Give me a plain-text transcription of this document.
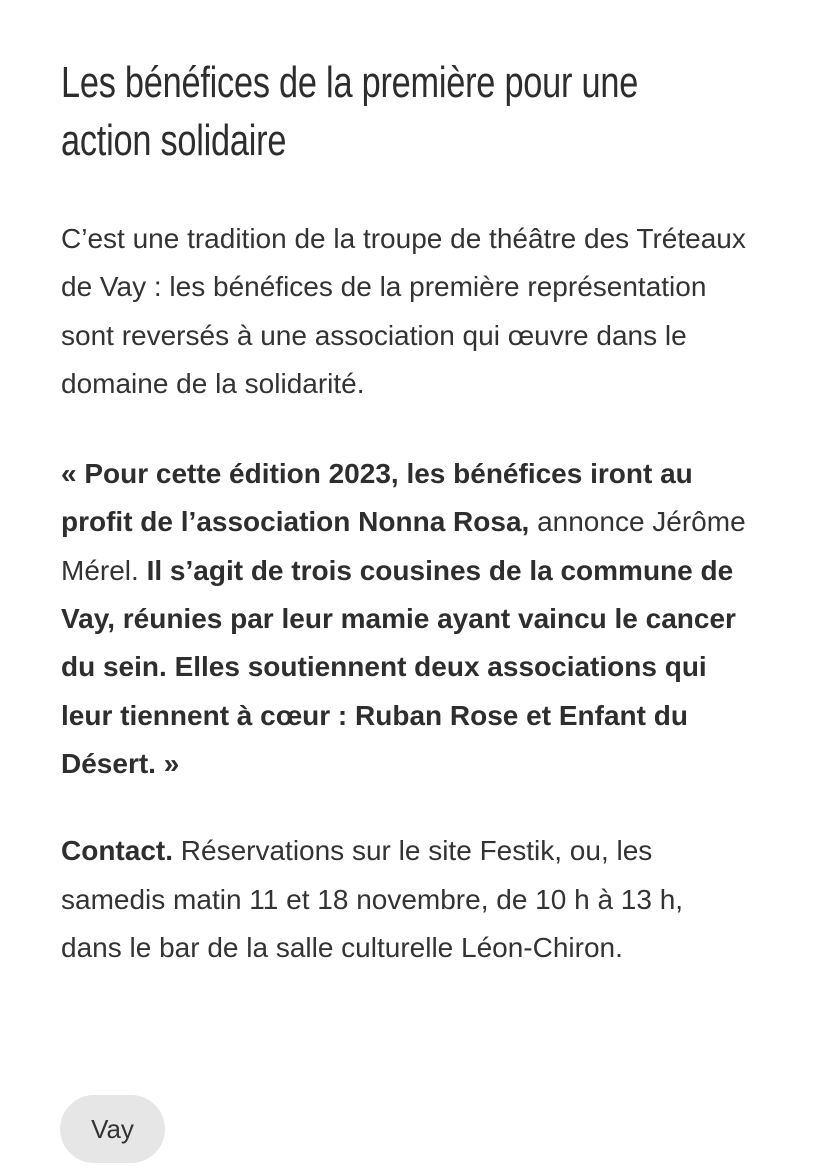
Les bénéfices de la première pour une action solidaire

C’est une tradition de la troupe de théâtre des Tréteaux de Vay : les bénéfices de la première représentation sont reversés à une association qui œuvre dans le domaine de la solidarité.

« Pour cette édition 2023, les bénéfices iront au profit de l’association Nonna Rosa, annonce Jérôme Mérel. Il s’agit de trois cousines de la commune de Vay, réunies par leur mamie ayant vaincu le cancer du sein. Elles soutiennent deux associations qui leur tiennent à cœur : Ruban Rose et Enfant du Désert. »

Contact. Réservations sur le site Festik, ou, les samedis matin 11 et 18 novembre, de 10 h à 13 h, dans le bar de la salle culturelle Léon-Chiron.

Vay
